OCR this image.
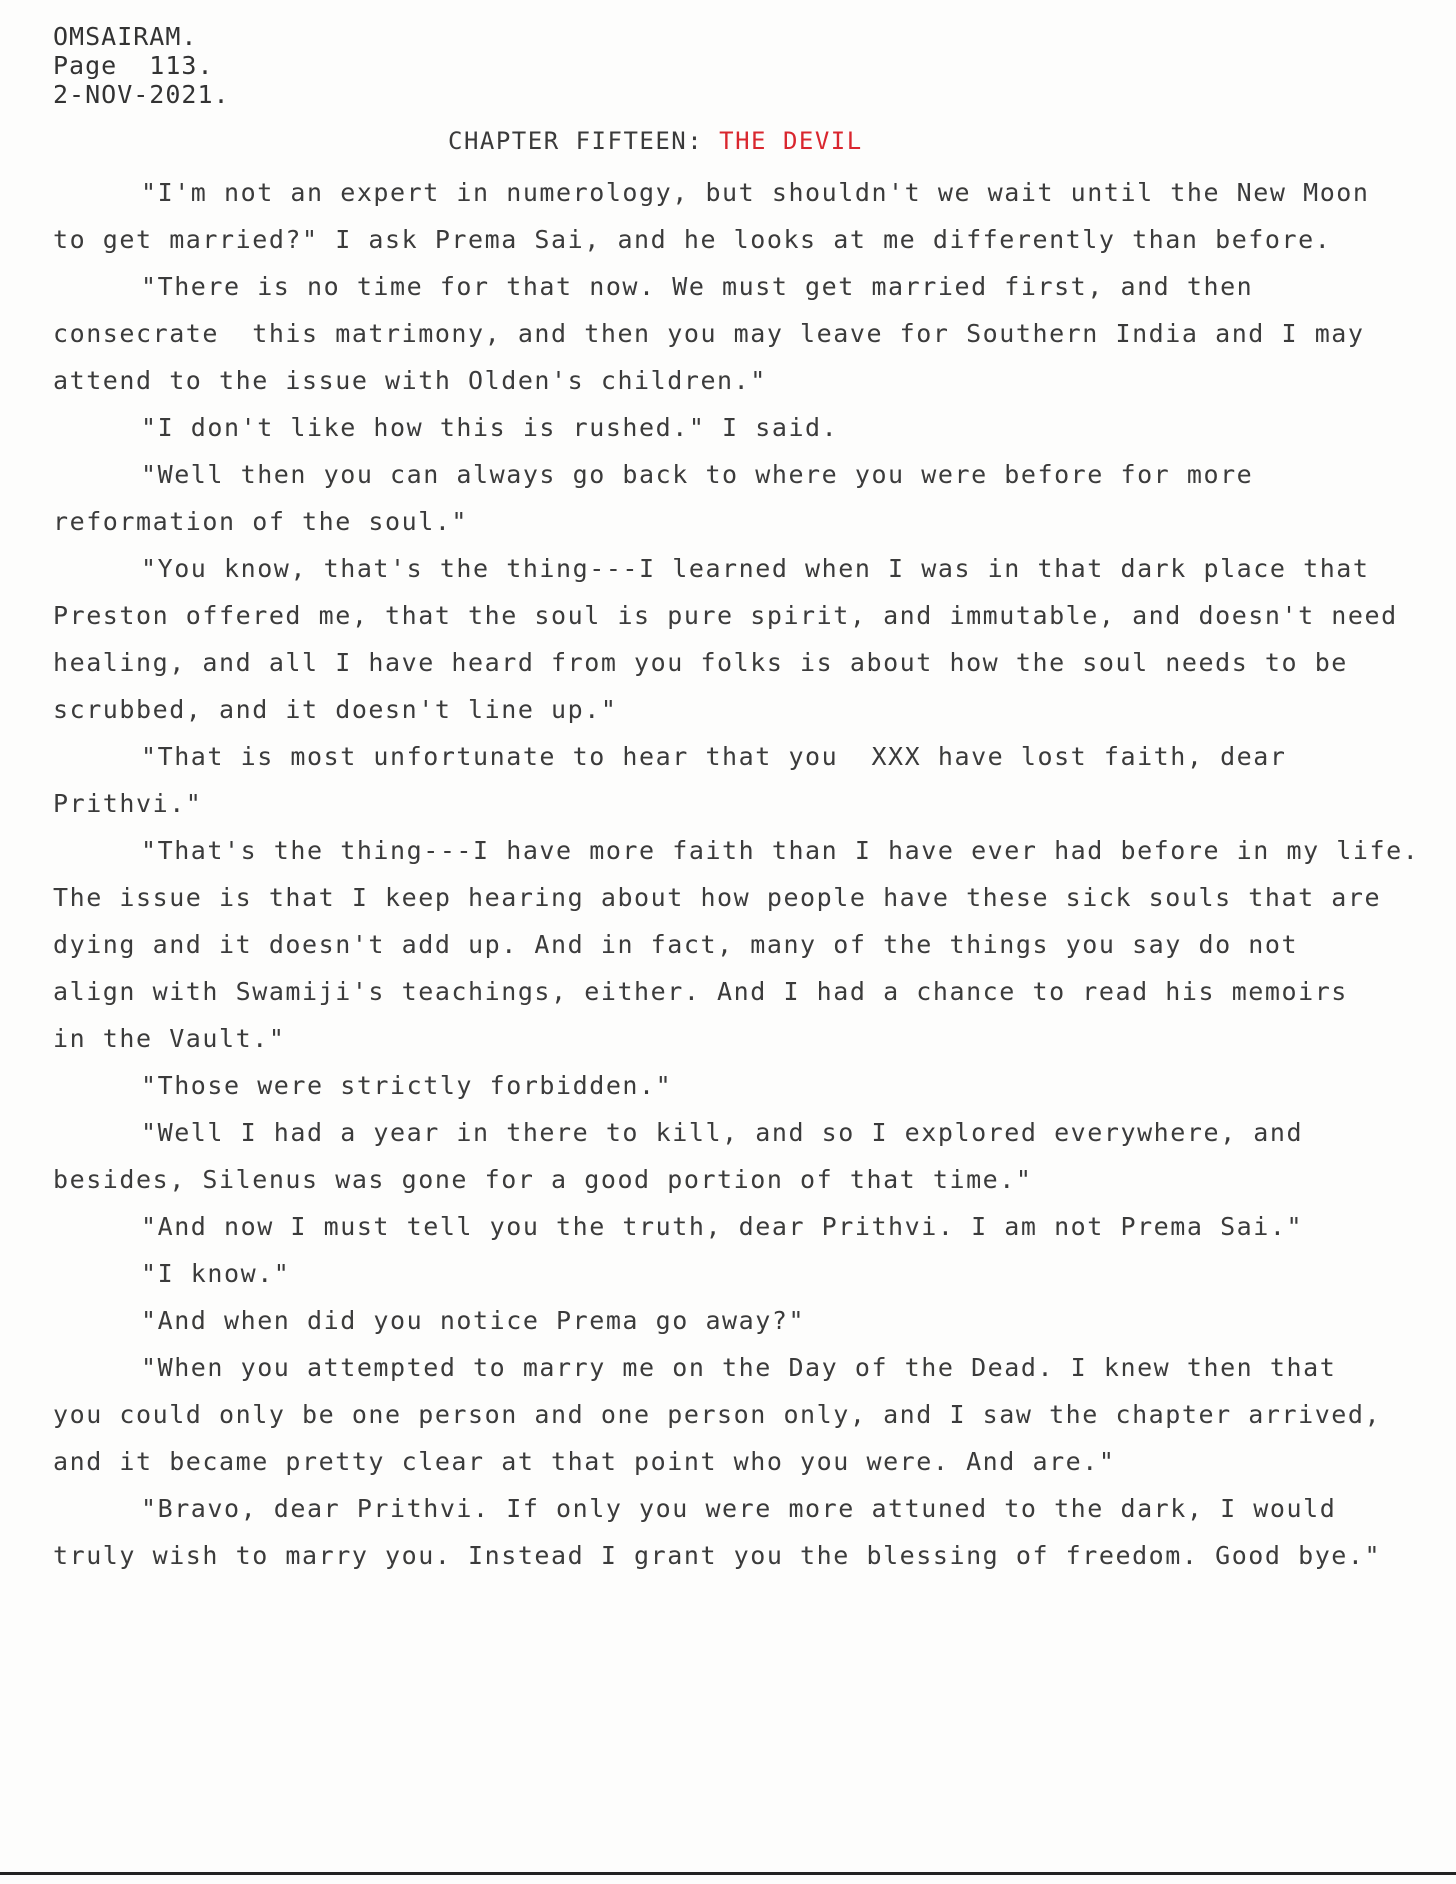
OMSAIRAM.
Page  113.
2-NOV-2021.
CHAPTER FIFTEEN: THE DEVIL
"I'm not an expert in numerology, but shouldn't we wait until the New Moon
to get married?" I ask Prema Sai, and he looks at me differently than before.
"There is no time for that now. We must get married first, and then
consecrate  this matrimony, and then you may leave for Southern India and I may
attend to the issue with Olden's children."
"I don't like how this is rushed." I said.
"Well then you can always go back to where you were before for more
reformation of the soul."
"You know, that's the thing---I learned when I was in that dark place that
Preston offered me, that the soul is pure spirit, and immutable, and doesn't need
healing, and all I have heard from you folks is about how the soul needs to be
scrubbed, and it doesn't line up."
"That is most unfortunate to hear that you  XXX have lost faith, dear
Prithvi."
"That's the thing---I have more faith than I have ever had before in my life.
The issue is that I keep hearing about how people have these sick souls that are
dying and it doesn't add up. And in fact, many of the things you say do not
align with Swamiji's teachings, either. And I had a chance to read his memoirs
in the Vault."
"Those were strictly forbidden."
"Well I had a year in there to kill, and so I explored everywhere, and
besides, Silenus was gone for a good portion of that time."
"And now I must tell you the truth, dear Prithvi. I am not Prema Sai."
"I know."
"And when did you notice Prema go away?"
"When you attempted to marry me on the Day of the Dead. I knew then that
you could only be one person and one person only, and I saw the chapter arrived,
and it became pretty clear at that point who you were. And are."
"Bravo, dear Prithvi. If only you were more attuned to the dark, I would
truly wish to marry you. Instead I grant you the blessing of freedom. Good bye."
